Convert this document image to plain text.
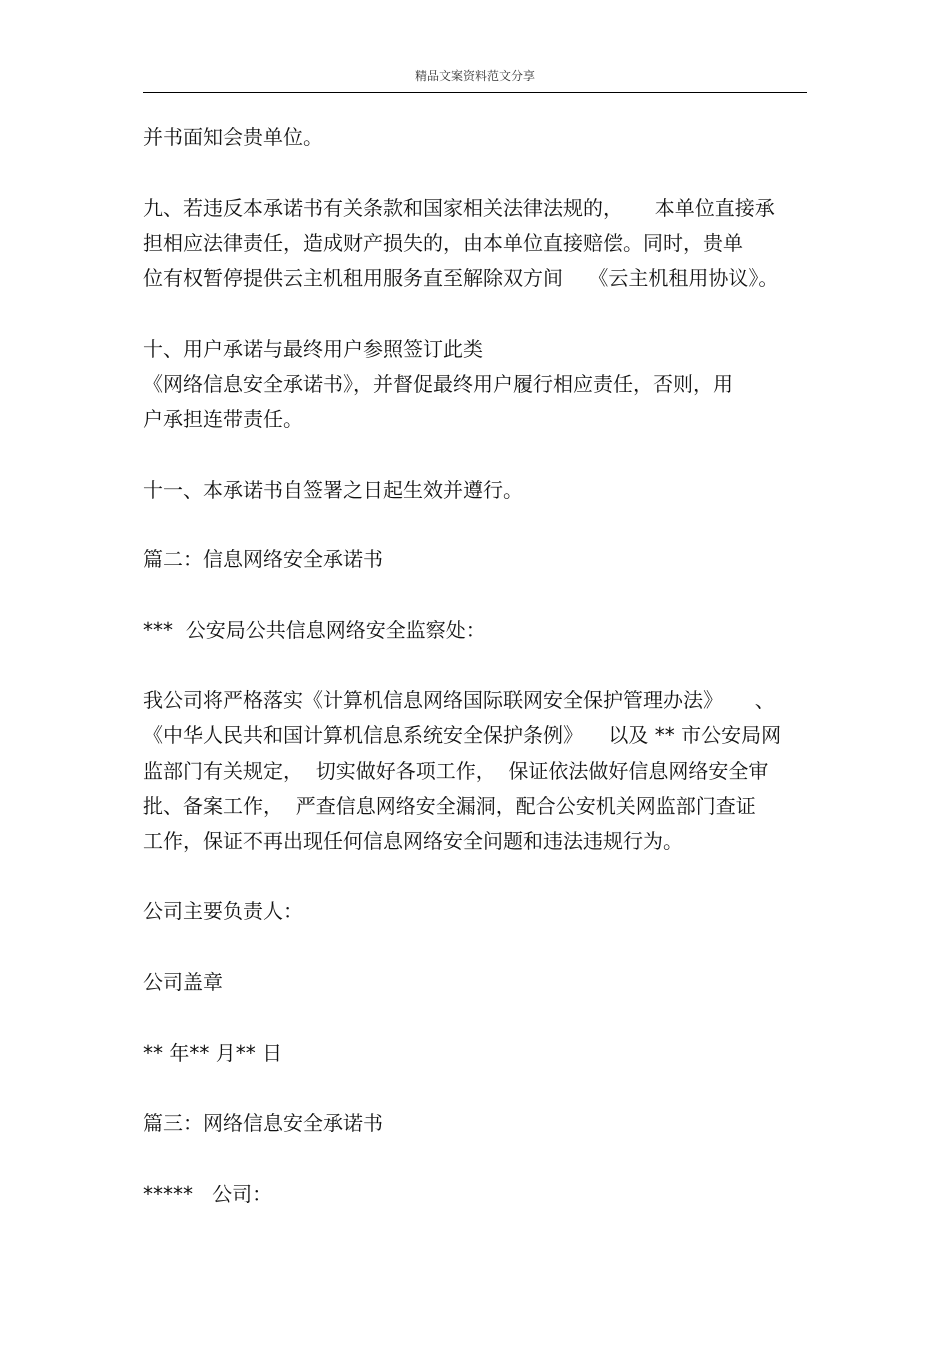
精品文案资料范文分享
并书面知会贵单位。
九、若违反本承诺书有关条款和国家相关法律法规的，     本单位直接承
担相应法律责任，造成财产损失的，由本单位直接赔偿。同时，贵单
位有权暂停提供云主机租用服务直至解除双方间    《云主机租用协议》。
十、用户承诺与最终用户参照签订此类
《网络信息安全承诺书》，并督促最终用户履行相应责任，否则，用
户承担连带责任。
十一、本承诺书自签署之日起生效并遵行。
篇二：信息网络安全承诺书
***  公安局公共信息网络安全监察处：
我公司将严格落实《计算机信息网络国际联网安全保护管理办法》     、
《中华人民共和国计算机信息系统安全保护条例》    以及 ** 市公安局网
监部门有关规定，  切实做好各项工作，  保证依法做好信息网络安全审
批、备案工作，  严查信息网络安全漏洞，配合公安机关网监部门查证
工作，保证不再出现任何信息网络安全问题和违法违规行为。
公司主要负责人：
公司盖章
** 年** 月** 日
篇三：网络信息安全承诺书
*****   公司：
